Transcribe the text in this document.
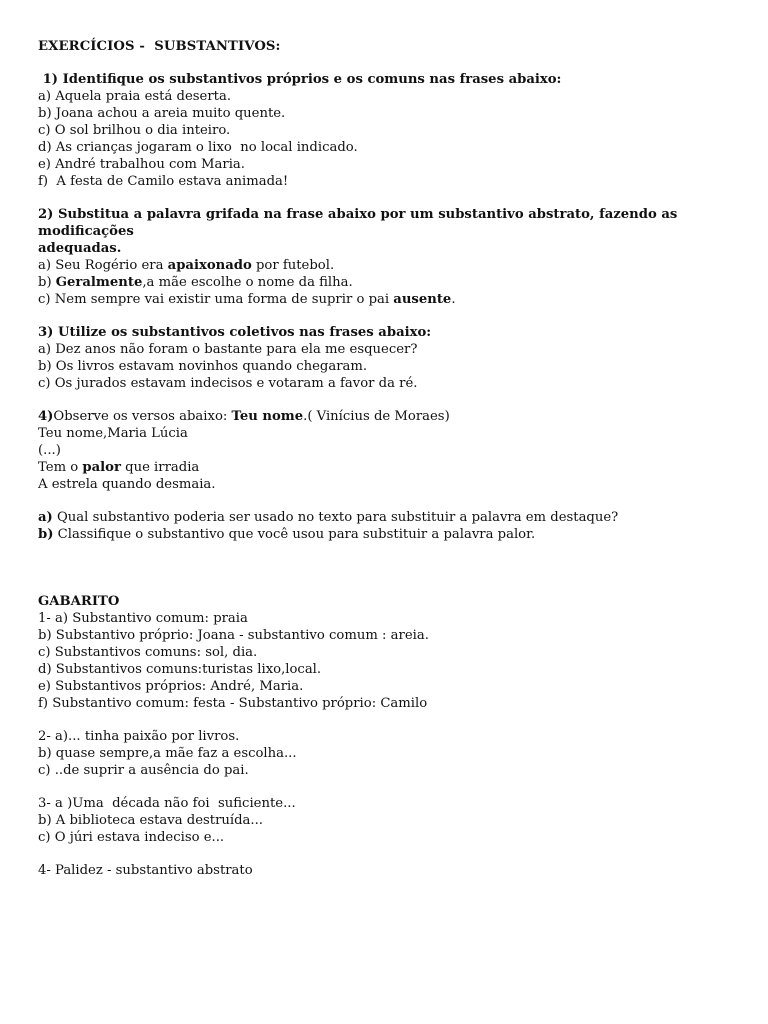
EXERCÍCIOS -  SUBSTANTIVOS:
1) Identifique os substantivos próprios e os comuns nas frases abaixo:
a) Aquela praia está deserta.
b) Joana achou a areia muito quente.
c) O sol brilhou o dia inteiro.
d) As crianças jogaram o lixo  no local indicado.
e) André trabalhou com Maria.
f)  A festa de Camilo estava animada!
2) Substitua a palavra grifada na frase abaixo por um substantivo abstrato, fazendo as modificações
adequadas.
a) Seu Rogério era apaixonado por futebol.
b) Geralmente,a mãe escolhe o nome da filha.
c) Nem sempre vai existir uma forma de suprir o pai ausente.
3) Utilize os substantivos coletivos nas frases abaixo:
a) Dez anos não foram o bastante para ela me esquecer?
b) Os livros estavam novinhos quando chegaram.
c) Os jurados estavam indecisos e votaram a favor da ré.
4)Observe os versos abaixo: Teu nome.( Vinícius de Moraes)
Teu nome,Maria Lúcia
(...)
Tem o palor que irradia
A estrela quando desmaia.
a) Qual substantivo poderia ser usado no texto para substituir a palavra em destaque?
b) Classifique o substantivo que você usou para substituir a palavra palor.
GABARITO
1- a) Substantivo comum: praia
b) Substantivo próprio: Joana - substantivo comum : areia.
c) Substantivos comuns: sol, dia.
d) Substantivos comuns:turistas lixo,local.
e) Substantivos próprios: André, Maria.
f) Substantivo comum: festa - Substantivo próprio: Camilo
2- a)... tinha paixão por livros.
b) quase sempre,a mãe faz a escolha...
c) ..de suprir a ausência do pai.
3- a )Uma  década não foi  suficiente...
b) A biblioteca estava destruída...
c) O júri estava indeciso e...
4- Palidez - substantivo abstrato
